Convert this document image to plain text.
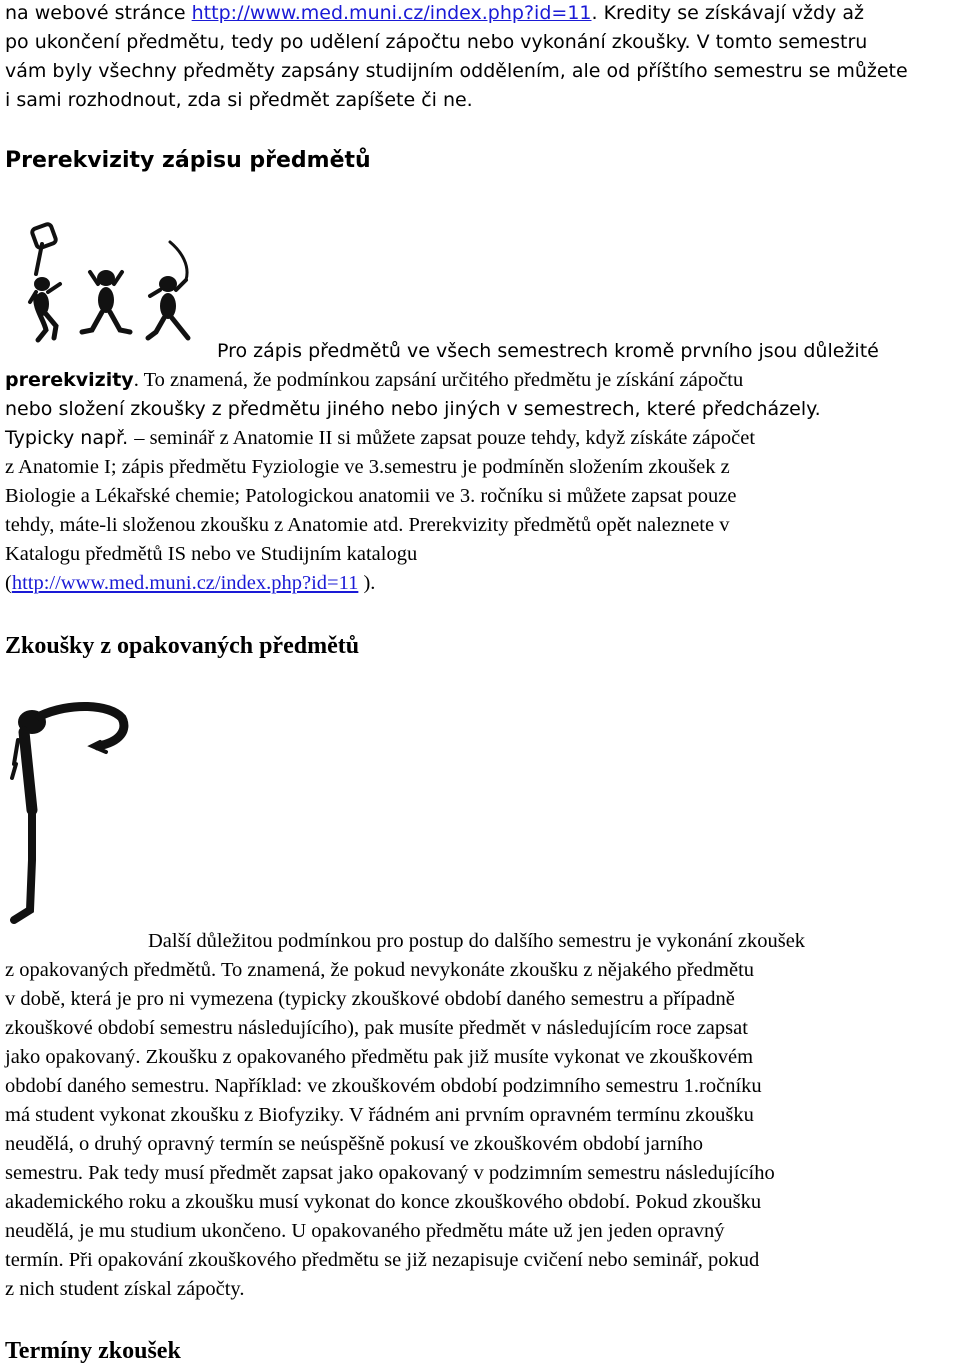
na webové stránce http://www.med.muni.cz/index.php?id=11. Kredity se získávají vždy až
po ukončení předmětu, tedy po udělení zápočtu nebo vykonání zkoušky. V tomto semestru
vám byly všechny předměty zapsány studijním oddělením, ale od příštího semestru se můžete
i sami rozhodnout, zda si předmět zapíšete či ne.
Prerekvizity zápisu předmětů
Pro zápis předmětů ve všech semestrech kromě prvního jsou důležité
prerekvizity. To znamená, že podmínkou zapsání určitého předmětu je získání zápočtu
nebo složení zkoušky z předmětu jiného nebo jiných v semestrech, které předcházely.
Typicky např. – seminář z Anatomie II si můžete zapsat pouze tehdy, když získáte zápočet
z Anatomie I; zápis předmětu Fyziologie ve 3.semestru je podmíněn složením zkoušek z
Biologie a Lékařské chemie; Patologickou anatomii ve 3. ročníku si můžete zapsat pouze
tehdy, máte-li složenou zkoušku z Anatomie atd. Prerekvizity předmětů opět naleznete v
Katalogu předmětů IS nebo ve Studijním katalogu
(http://www.med.muni.cz/index.php?id=11 ).
Zkoušky z opakovaných předmětů
Další důležitou podmínkou pro postup do dalšího semestru je vykonání zkoušek
z opakovaných předmětů. To znamená, že pokud nevykonáte zkoušku z nějakého předmětu
v době, která je pro ni vymezena (typicky zkouškové období daného semestru a případně
zkouškové období semestru následujícího), pak musíte předmět v následujícím roce zapsat
jako opakovaný. Zkoušku z opakovaného předmětu pak již musíte vykonat ve zkouškovém
období daného semestru. Například: ve zkouškovém období podzimního semestru 1.ročníku
má student vykonat zkoušku z Biofyziky. V řádném ani prvním opravném termínu zkoušku
neudělá, o druhý opravný termín se neúspěšně pokusí ve zkouškovém období jarního
semestru. Pak tedy musí předmět zapsat jako opakovaný v podzimním semestru následujícího
akademického roku a zkoušku musí vykonat do konce zkouškového období. Pokud zkoušku
neudělá, je mu studium ukončeno. U opakovaného předmětu máte už jen jeden opravný
termín. Při opakování zkouškového předmětu se již nezapisuje cvičení nebo seminář, pokud
z nich student získal zápočty.
Termíny zkoušek
